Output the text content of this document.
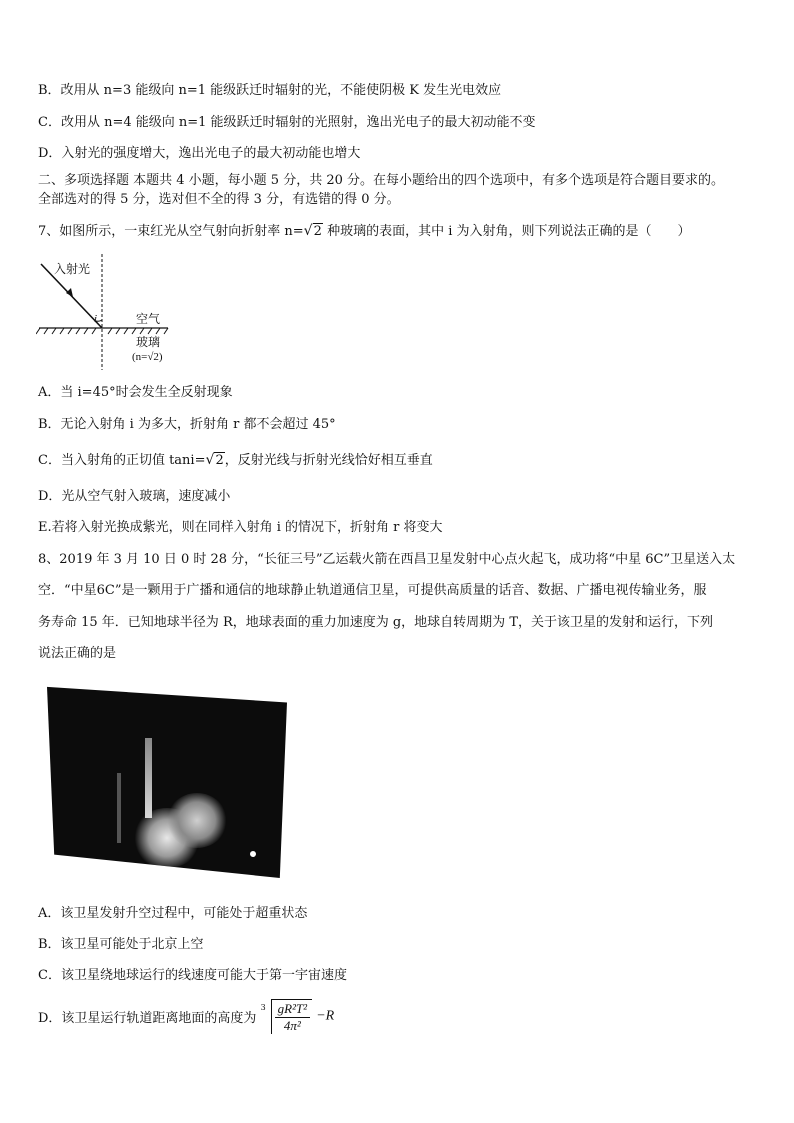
B．改用从 n=3 能级向 n=1 能级跃迁时辐射的光，不能使阴极 K 发生光电效应
C．改用从 n=4 能级向 n=1 能级跃迁时辐射的光照射，逸出光电子的最大初动能不变
D．入射光的强度增大，逸出光电子的最大初动能也增大
二、多项选择题 本题共 4 小题，每小题 5 分，共 20 分。在每小题给出的四个选项中，有多个选项是符合题目要求的。
全部选对的得 5 分，选对但不全的得 3 分，有选错的得 0 分。
7、如图所示，一束红光从空气射向折射率 n= √ 2 种玻璃的表面，其中 i 为入射角，则下列说法正确的是（　　）
入射光
i	空气
玻璃
(n=√2)
A．当 i=45°时会发生全反射现象
B．无论入射角 i 为多大，折射角 r 都不会超过 45°
C．当入射角的正切值 tani= √ 2，反射光线与折射光线恰好相互垂直
D．光从空气射入玻璃，速度减小
E.若将入射光换成紫光，则在同样入射角 i 的情况下，折射角 r 将变大
8、2019 年 3 月 10 日 0 时 28 分，“长征三号”乙运载火箭在西昌卫星发射中心点火起飞，成功将“中星 6C”卫星送入太
空．“中星6C”是一颗用于广播和通信的地球静止轨道通信卫星，可提供高质量的话音、数据、广播电视传输业务，服
务寿命 15 年．已知地球半径为 R，地球表面的重力加速度为 g，地球自转周期为 T，关于该卫星的发射和运行，下列
说法正确的是
A．该卫星发射升空过程中，可能处于超重状态
B．该卫星可能处于北京上空
C．该卫星绕地球运行的线速度可能大于第一宇宙速度
D．该卫星运行轨道距离地面的高度为
$3 \frac{\text{gR²T²}}{\text{4π²}} -R$
